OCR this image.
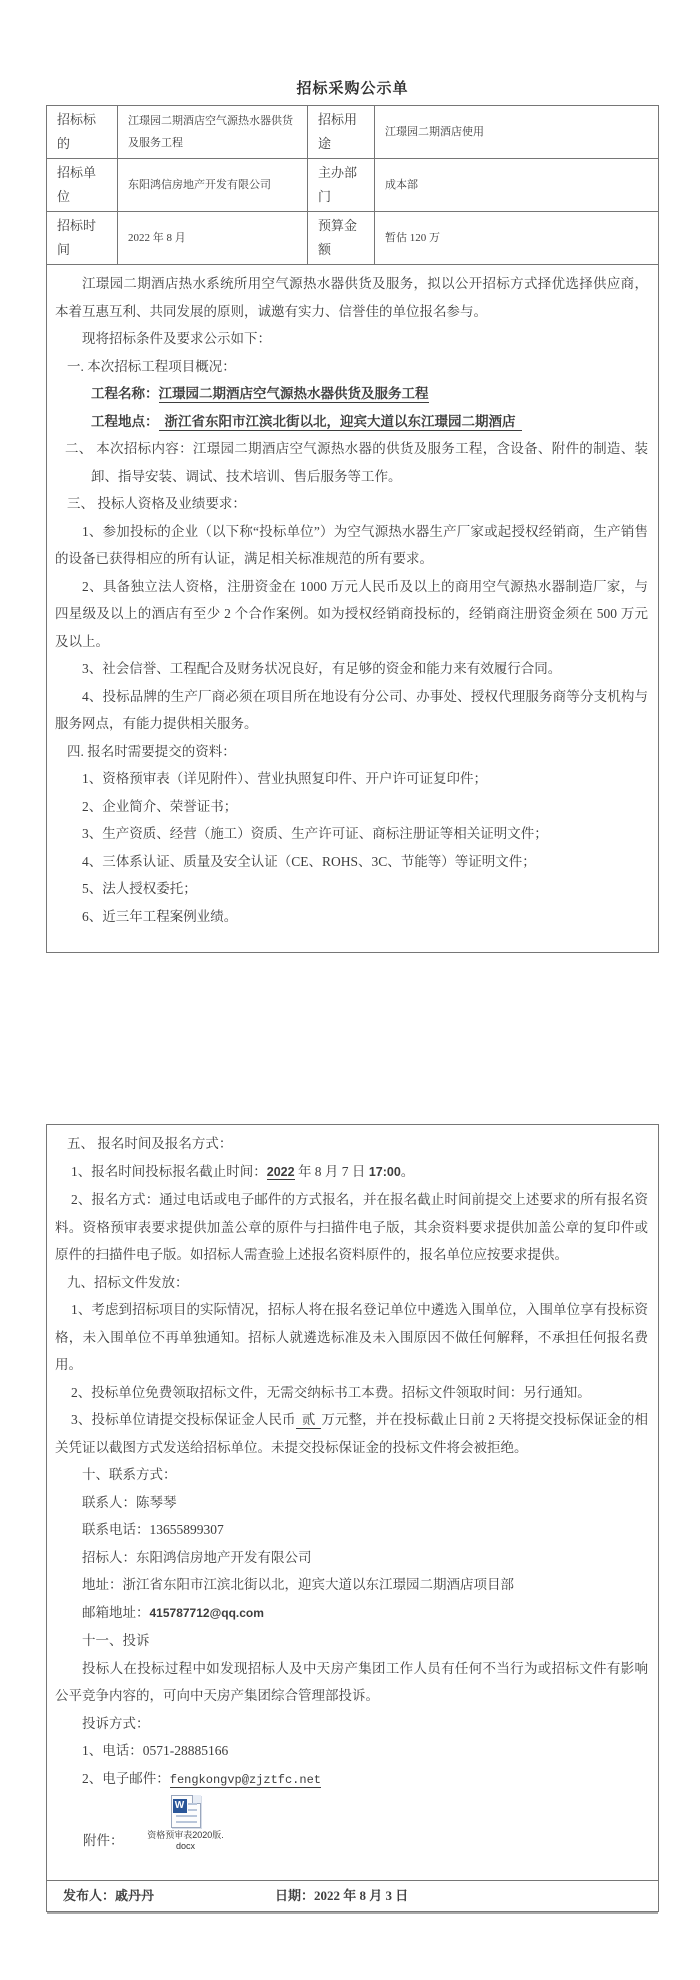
招标采购公示单
招标标的	江璟园二期酒店空气源热水器供货及服务工程	招标用途	江璟园二期酒店使用
招标单位	东阳鸿信房地产开发有限公司	主办部门	成本部
招标时间	2022 年 8 月	预算金额	暂估 120 万
江璟园二期酒店热水系统所用空气源热水器供货及服务，拟以公开招标方式择优选择供应商，本着互惠互利、共同发展的原则，诚邀有实力、信誉佳的单位报名参与。
现将招标条件及要求公示如下：
一. 本次招标工程项目概况：
工程名称：江璟园二期酒店空气源热水器供货及服务工程
工程地点： 浙江省东阳市江滨北街以北，迎宾大道以东江璟园二期酒店
二、 本次招标内容：江璟园二期酒店空气源热水器的供货及服务工程，含设备、附件的制造、装卸、指导安装、调试、技术培训、售后服务等工作。
三、 投标人资格及业绩要求：
1、参加投标的企业（以下称“投标单位”）为空气源热水器生产厂家或起授权经销商，生产销售的设备已获得相应的所有认证，满足相关标准规范的所有要求。
2、具备独立法人资格，注册资金在 1000 万元人民币及以上的商用空气源热水器制造厂家，与四星级及以上的酒店有至少 2 个合作案例。如为授权经销商投标的，经销商注册资金须在 500 万元及以上。
3、社会信誉、工程配合及财务状况良好，有足够的资金和能力来有效履行合同。
4、投标品牌的生产厂商必须在项目所在地设有分公司、办事处、授权代理服务商等分支机构与服务网点，有能力提供相关服务。
四. 报名时需要提交的资料：
1、资格预审表（详见附件）、营业执照复印件、开户许可证复印件；
2、企业简介、荣誉证书；
3、生产资质、经营（施工）资质、生产许可证、商标注册证等相关证明文件；
4、三体系认证、质量及安全认证（CE、ROHS、3C、节能等）等证明文件；
5、法人授权委托；
6、近三年工程案例业绩。
五、 报名时间及报名方式：
1、报名时间投标报名截止时间：2022 年 8 月 7 日 17:00。
2、报名方式：通过电话或电子邮件的方式报名，并在报名截止时间前提交上述要求的所有报名资料。资格预审表要求提供加盖公章的原件与扫描件电子版，其余资料要求提供加盖公章的复印件或原件的扫描件电子版。如招标人需查验上述报名资料原件的，报名单位应按要求提供。
九、招标文件发放：
1、考虑到招标项目的实际情况，招标人将在报名登记单位中遴选入围单位，入围单位享有投标资格，未入围单位不再单独通知。招标人就遴选标准及未入围原因不做任何解释，不承担任何报名费用。
2、投标单位免费领取招标文件，无需交纳标书工本费。招标文件领取时间：另行通知。
3、投标单位请提交投标保证金人民币 贰 万元整，并在投标截止日前 2 天将提交投标保证金的相关凭证以截图方式发送给招标单位。未提交投标保证金的投标文件将会被拒绝。
十、联系方式：
联系人：陈琴琴
联系电话：13655899307
招标人：东阳鸿信房地产开发有限公司
地址：浙江省东阳市江滨北街以北，迎宾大道以东江璟园二期酒店项目部
邮箱地址：415787712@qq.com
十一、投诉
投标人在投标过程中如发现招标人及中天房产集团工作人员有任何不当行为或招标文件有影响公平竞争内容的，可向中天房产集团综合管理部投诉。
投诉方式：
1、电话：0571-28885166
2、电子邮件：fengkongvp@zjztfc.net
附件：
W
资格预审表2020版.
docx
发布人：戚丹丹	日期：2022 年 8 月 3 日
